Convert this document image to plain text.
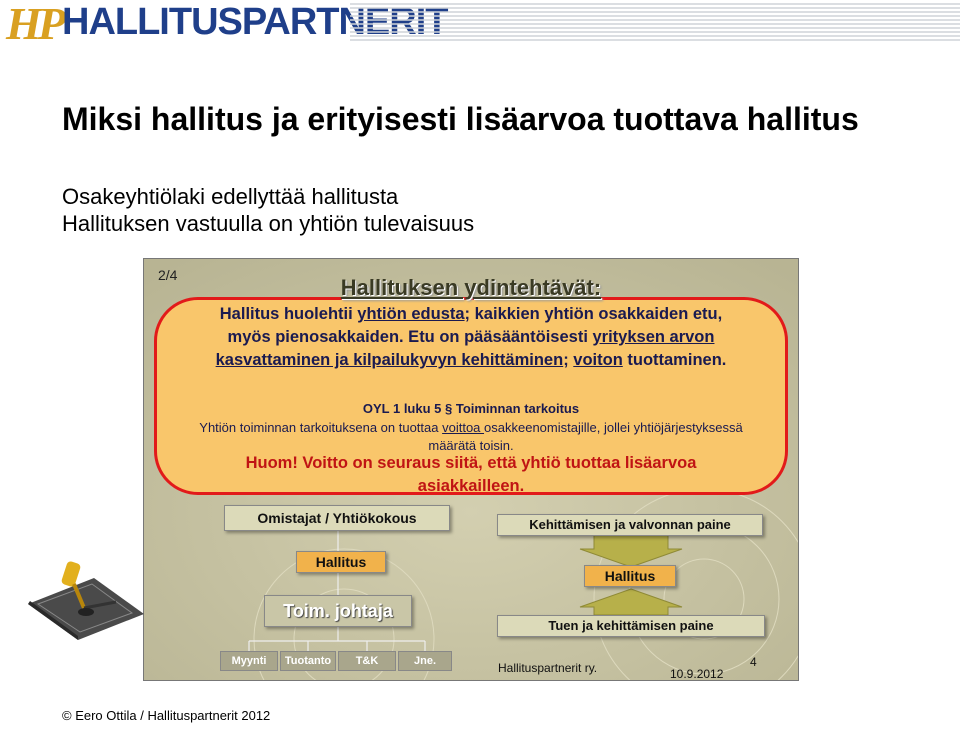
HP HALLITUSPARTNERIT
Miksi hallitus ja erityisesti lisäarvoa tuottava hallitus
Osakeyhtiölaki edellyttää hallitusta
Hallituksen vastuulla on yhtiön tulevaisuus
2/4	Hallituksen ydintehtävät:
Hallitus huolehtii yhtiön edusta; kaikkien yhtiön osakkaiden etu, myös pienosakkaiden. Etu on pääsääntöisesti yrityksen arvon kasvattaminen ja kilpailukyvyn kehittäminen; voiton tuottaminen.
OYL 1 luku 5 § Toiminnan tarkoitus
Yhtiön toiminnan tarkoituksena on tuottaa voittoa osakkeenomistajille, jollei yhtiöjärjestyksessä määrätä toisin.
Huom! Voitto on seuraus siitä, että yhtiö tuottaa lisäarvoa asiakkailleen.
Omistajat / Yhtiökokous
Hallitus
Toim. johtaja
Myynti	Tuotanto	T&K	Jne.
Kehittämisen ja valvonnan paine
Hallitus
Tuen ja kehittämisen paine
Hallituspartnerit ry.	10.9.2012
4
© Eero Ottila / Hallituspartnerit 2012
